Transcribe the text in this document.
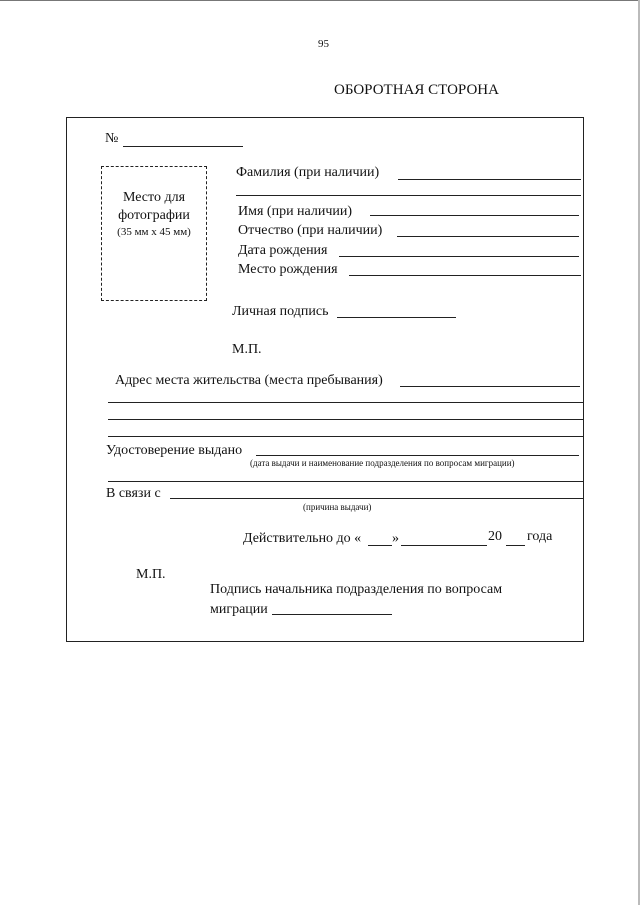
95
ОБОРОТНАЯ СТОРОНА
№
Место для
фотографии
(35 мм х 45 мм)
Фамилия (при наличии)
Имя (при наличии)
Отчество (при наличии)
Дата рождения
Место рождения
Личная подпись
М.П.
Адрес места жительства (места пребывания)
Удостоверение выдано
(дата выдачи и наименование подразделения по вопросам миграции)
В связи с
(причина выдачи)
Действительно до « »	20 года
М.П.
Подпись начальника подразделения по вопросам
миграции
